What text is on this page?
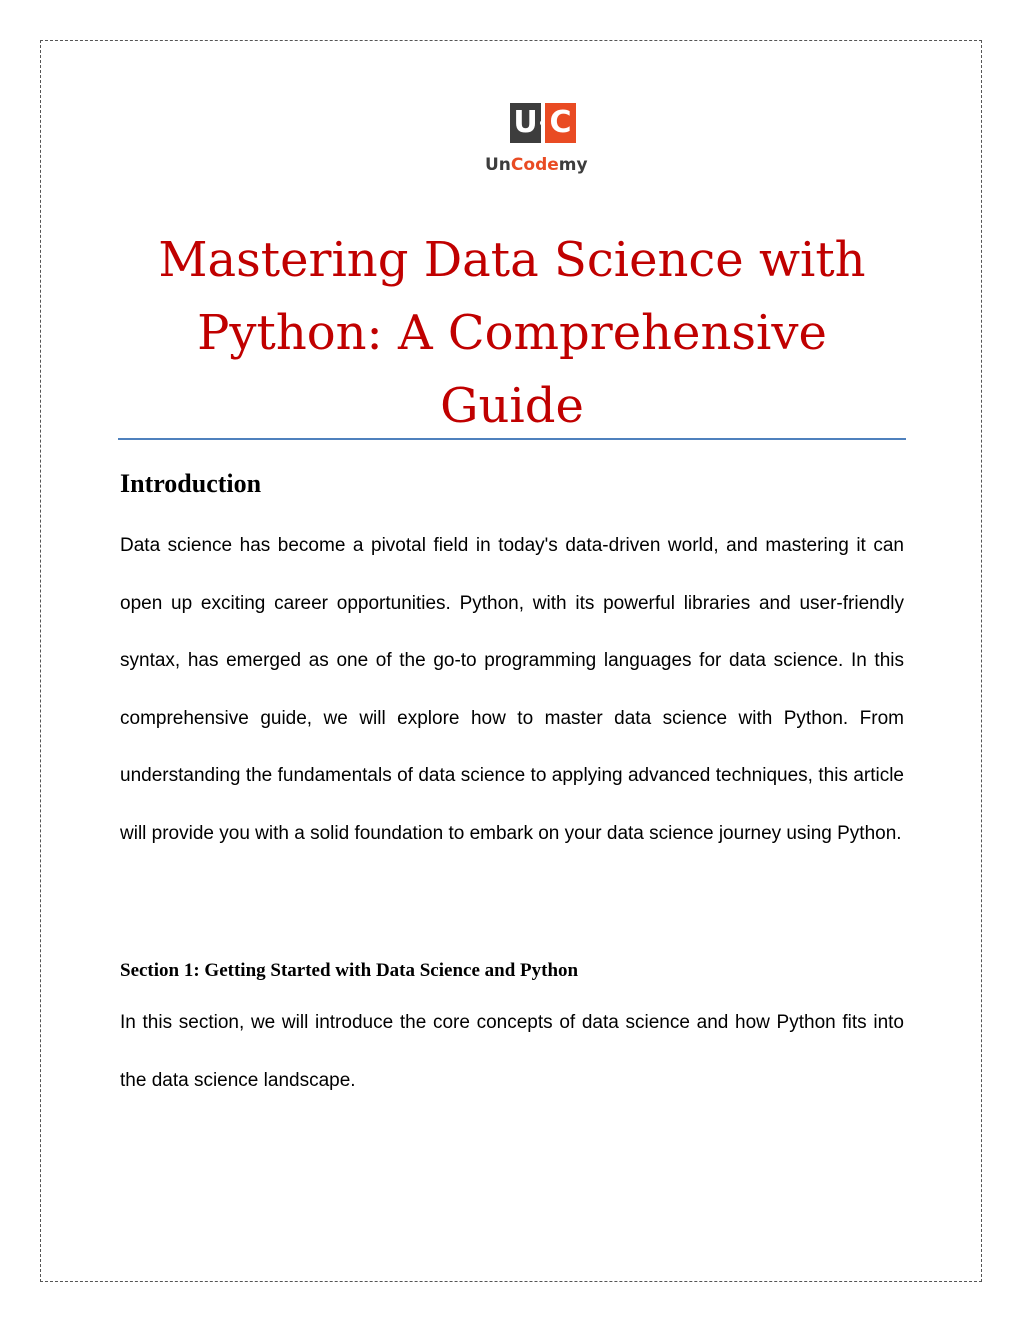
U C
UnCodemy
Mastering Data Science with Python: A Comprehensive Guide
Introduction

Data science has become a pivotal field in today's data-driven world, and mastering it can open up exciting career opportunities. Python, with its powerful libraries and user-friendly syntax, has emerged as one of the go-to programming languages for data science. In this comprehensive guide, we will explore how to master data science with Python. From understanding the fundamentals of data science to applying advanced techniques, this article will provide you with a solid foundation to embark on your data science journey using Python.

Section 1: Getting Started with Data Science and Python

In this section, we will introduce the core concepts of data science and how Python fits into the data science landscape.
